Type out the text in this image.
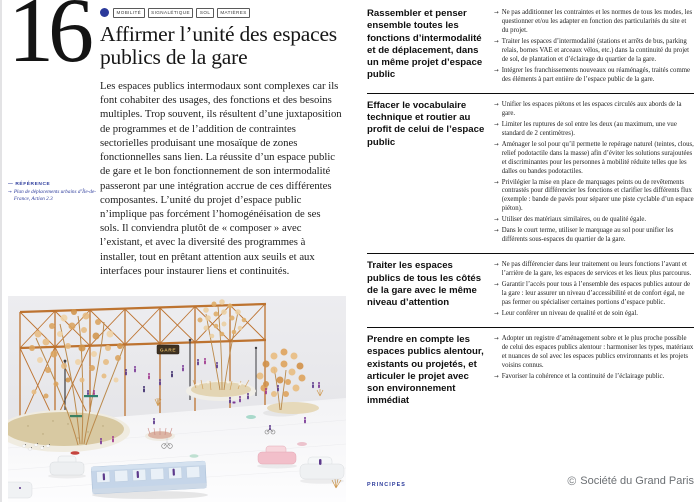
16	MOBILITÉ	SIGNALÉTIQUE	SOL	MATIÈRES
Affirmer l’unité des espaces publics de la gare

Les espaces publics intermodaux sont complexes car ils font cohabiter des usages, des fonctions et des besoins multiples. Trop souvent, ils résultent d’une juxtaposition de programmes et de l’addition de contraintes sectorielles produisant une mosaïque de zones fonctionnelles sans lien. La réussite d’un espace public de gare et le bon fonctionnement de son intermodalité passeront par une intégration accrue de ces différentes composantes. L’unité du projet d’espace public n’implique pas forcément l’homogénéisation de ses sols. Il conviendra plutôt de « composer » avec l’existant, et avec la diversité des programmes à installer, tout en prêtant attention aux seuils et aux interfaces pour instaurer liens et continuités.

— RÉFÉRENCE
→ Plan de déplacements urbains d’Île-de-France, Action 2.3
GARE
Rassembler et penser ensemble toutes les fonctions d’intermodalité et de déplacement, dans un même projet d’espace public
→ Ne pas additionner les contraintes et les normes de tous les modes, les questionner et/ou les adapter en fonction des particularités du site et du projet.
→ Traiter les espaces d’intermodalité (stations et arrêts de bus, parking relais, bornes VAE et arceaux vélos, etc.) dans la continuité du projet de sol, de plantation et d’éclairage du quartier de la gare.
→ Intégrer les franchissements nouveaux ou réaménagés, traités comme des éléments à part entière de l’espace public de la gare.
Effacer le vocabulaire technique et routier au profit de celui de l’espace public
→ Unifier les espaces piétons et les espaces circulés aux abords de la gare.
→ Limiter les ruptures de sol entre les deux (au maximum, une vue standard de 2 centimètres).
→ Aménager le sol pour qu’il permette le repérage naturel (teintes, clous, relief podotactile dans la masse) afin d’éviter les solutions surajoutées et discriminantes pour les personnes à mobilité réduite telles que les dalles ou bandes podotactiles.
→ Privilégier la mise en place de marquages peints ou de revêtements contrastés pour différencier les fonctions et clarifier les différents flux (exemple : bande de pavés pour séparer une piste cyclable d’un espace piéton).
→ Utiliser des matériaux similaires, ou de qualité égale.
→ Dans le court terme, utiliser le marquage au sol pour unifier les différents sous-espaces du quartier de la gare.
Traiter les espaces publics de tous les côtés de la gare avec le même niveau d’attention
→ Ne pas différencier dans leur traitement ou leurs fonctions l’avant et l’arrière de la gare, les espaces de services et les lieux plus parcourus.
→ Garantir l’accès pour tous à l’ensemble des espaces publics autour de la gare : leur assurer un niveau d’accessibilité et de confort égal, ne pas fermer ou spécialiser certaines portions d’espace public.
→ Leur conférer un niveau de qualité et de soin égal.
Prendre en compte les espaces publics alentour, existants ou projetés, et articuler le projet avec son environnement immédiat
→ Adopter un registre d’aménagement sobre et le plus proche possible de celui des espaces publics alentour : harmoniser les types, matériaux et nuances de sol avec les espaces publics environnants et les projets voisins connus.
→ Favoriser la cohérence et la continuité de l’éclairage public.
PRINCIPES	© Société du Grand Paris
